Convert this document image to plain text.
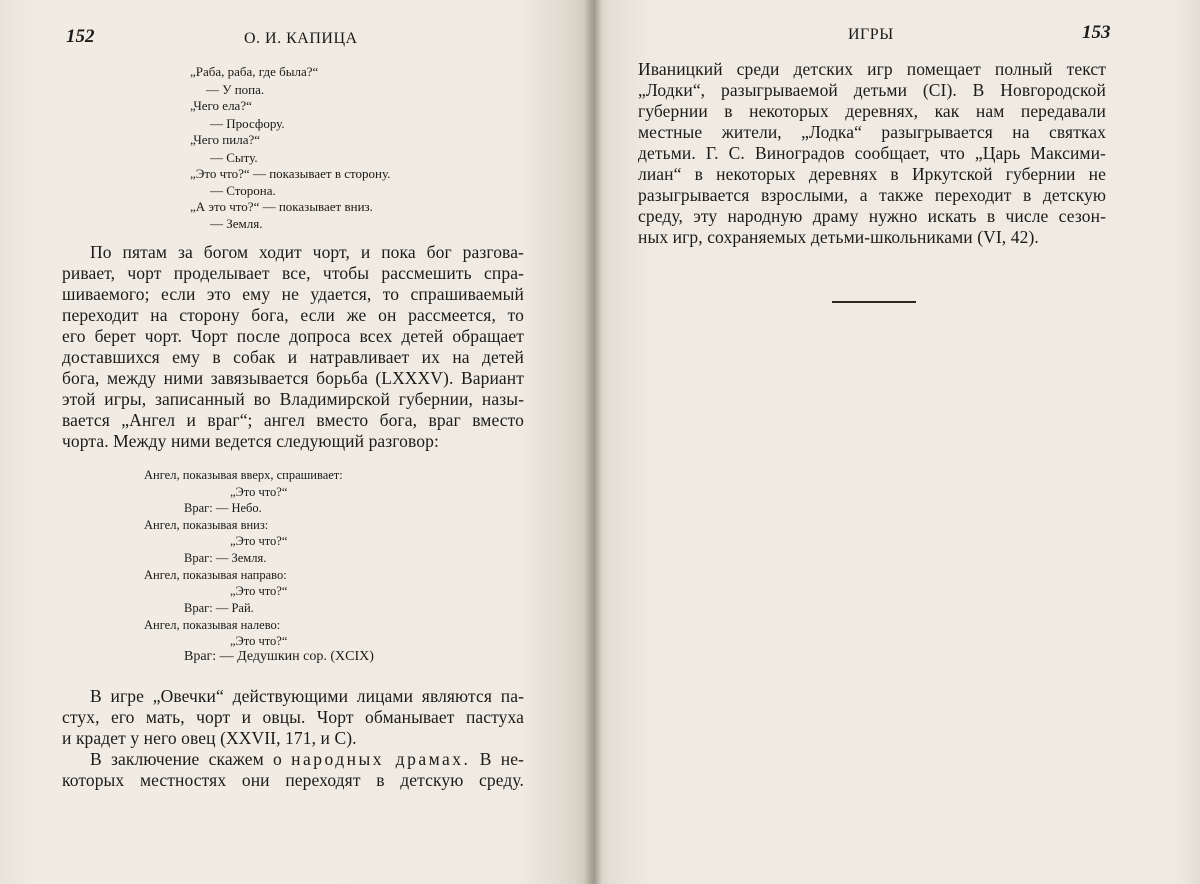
152	О. И. КАПИЦА
„Раба, раба, где была?“
— У попа.
„Чего ела?“
— Просфору.
„Чего пила?“
— Сыту.
„Это что?“ — показывает в сторону.
— Сторона.
„А это что?“ — показывает вниз.
— Земля.
По пятам за богом ходит чорт, и пока бог разгова-
ривает, чорт проделывает все, чтобы рассмешить спра-
шиваемого; если это ему не удается, то спрашиваемый
переходит на сторону бога, если же он рассмеется, то
его берет чорт. Чорт после допроса всех детей обращает
доставшихся ему в собак и натравливает их на детей
бога, между ними завязывается борьба (LXXXV). Вариант
этой игры, записанный во Владимирской губернии, назы-
вается „Ангел и враг“; ангел вместо бога, враг вместо
чорта. Между ними ведется следующий разговор:
Ангел, показывая вверх, спрашивает:
„Это что?“
Враг: — Небо.
Ангел, показывая вниз:
„Это что?“
Враг: — Земля.
Ангел, показывая направо:
„Это что?“
Враг: — Рай.
Ангел, показывая налево:
„Это что?“
Враг: — Дедушкин сор. (XCIX)
В игре „Овечки“ действующими лицами являются па-
стух, его мать, чорт и овцы. Чорт обманывает пастуха
и крадет у него овец (XXVII, 171, и С).
В заключение скажем о народных драмах. В не-
которых местностях они переходят в детскую среду.
ИГРЫ	153
Иваницкий среди детских игр помещает полный текст
„Лодки“, разыгрываемой детьми (CI). В Новгородской
губернии в некоторых деревнях, как нам передавали
местные жители, „Лодка“ разыгрывается на святках
детьми. Г. С. Виноградов сообщает, что „Царь Максими-
лиан“ в некоторых деревнях в Иркутской губернии не
разыгрывается взрослыми, а также переходит в детскую
среду, эту народную драму нужно искать в числе сезон-
ных игр, сохраняемых детьми-школьниками (VI, 42).
